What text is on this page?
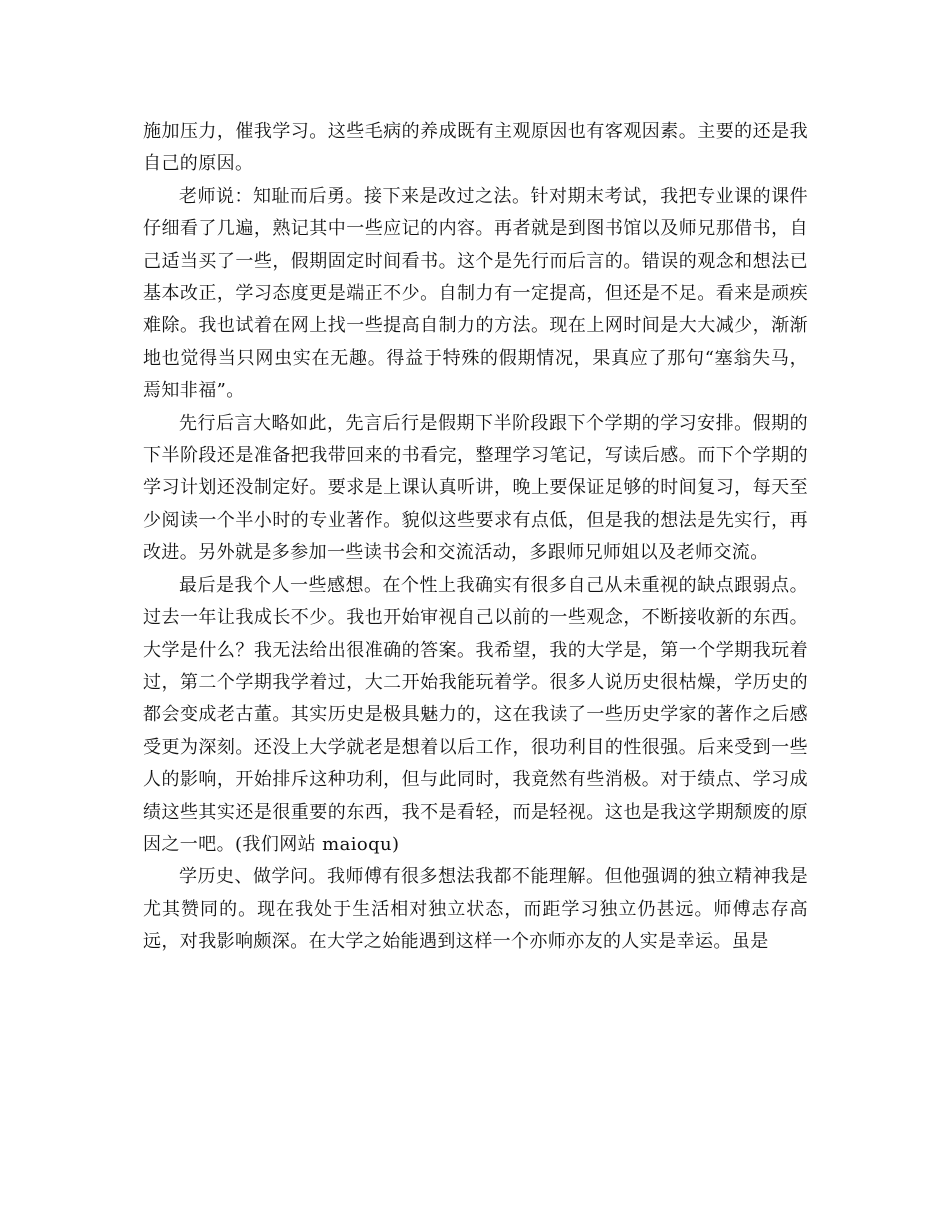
施加压力，催我学习。这些毛病的养成既有主观原因也有客观因素。主要的还是我自己的原因。

老师说：知耻而后勇。接下来是改过之法。针对期末考试，我把专业课的课件仔细看了几遍，熟记其中一些应记的内容。再者就是到图书馆以及师兄那借书，自己适当买了一些，假期固定时间看书。这个是先行而后言的。错误的观念和想法已基本改正，学习态度更是端正不少。自制力有一定提高，但还是不足。看来是顽疾难除。我也试着在网上找一些提高自制力的方法。现在上网时间是大大减少，渐渐地也觉得当只网虫实在无趣。得益于特殊的假期情况，果真应了那句“塞翁失马，焉知非福”。

先行后言大略如此，先言后行是假期下半阶段跟下个学期的学习安排。假期的下半阶段还是准备把我带回来的书看完，整理学习笔记，写读后感。而下个学期的学习计划还没制定好。要求是上课认真听讲，晚上要保证足够的时间复习，每天至少阅读一个半小时的专业著作。貌似这些要求有点低，但是我的想法是先实行，再改进。另外就是多参加一些读书会和交流活动，多跟师兄师姐以及老师交流。

最后是我个人一些感想。在个性上我确实有很多自己从未重视的缺点跟弱点。过去一年让我成长不少。我也开始审视自己以前的一些观念，不断接收新的东西。大学是什么？我无法给出很准确的答案。我希望，我的大学是，第一个学期我玩着过，第二个学期我学着过，大二开始我能玩着学。很多人说历史很枯燥，学历史的都会变成老古董。其实历史是极具魅力的，这在我读了一些历史学家的著作之后感受更为深刻。还没上大学就老是想着以后工作，很功利目的性很强。后来受到一些人的影响，开始排斥这种功利，但与此同时，我竟然有些消极。对于绩点、学习成绩这些其实还是很重要的东西，我不是看轻，而是轻视。这也是我这学期颓废的原因之一吧。(我们网站 maioqu)

学历史、做学问。我师傅有很多想法我都不能理解。但他强调的独立精神我是尤其赞同的。现在我处于生活相对独立状态，而距学习独立仍甚远。师傅志存高远，对我影响颇深。在大学之始能遇到这样一个亦师亦友的人实是幸运。虽是
